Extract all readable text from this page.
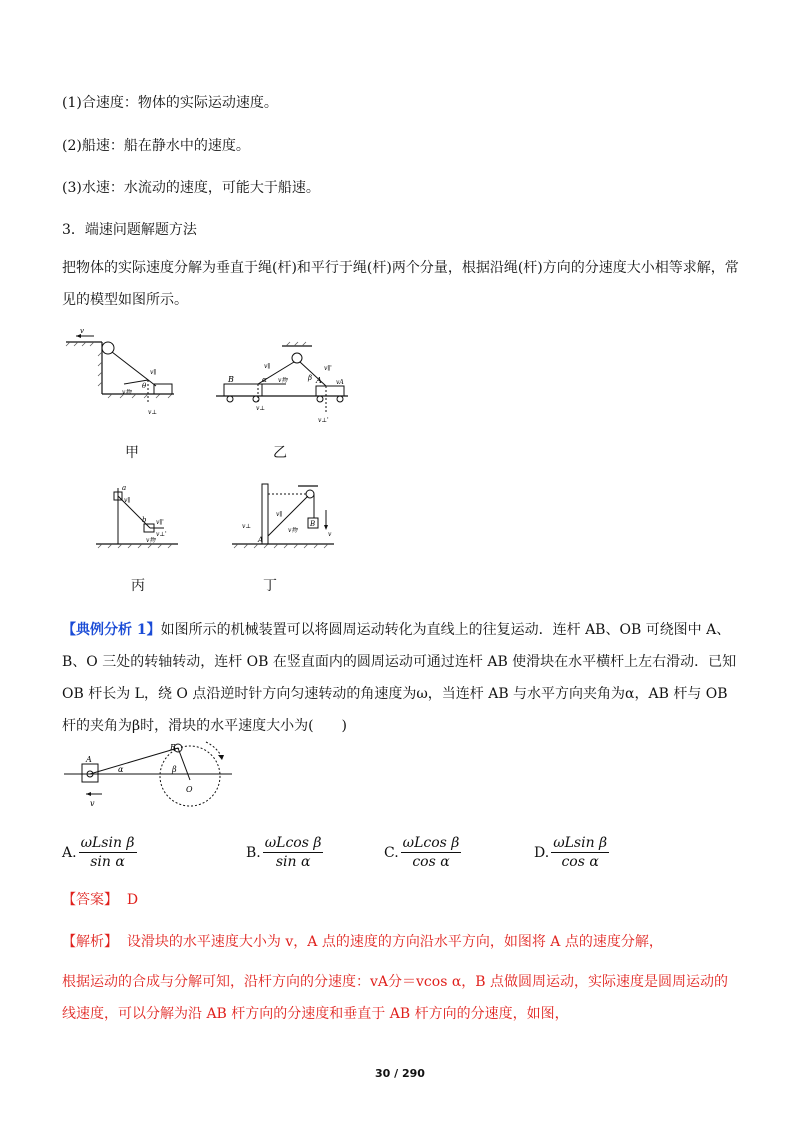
(1)合速度：物体的实际运动速度。
(2)船速：船在静水中的速度。
(3)水速：水流动的速度，可能大于船速。
3．端速问题解题方法
把物体的实际速度分解为垂直于绳(杆)和平行于绳(杆)两个分量，根据沿绳(杆)方向的分速度大小相等求解，常见的模型如图所示。
v
v∥
v⊥
θ
v物
甲
B	A
α	β
v∥
v⊥
v物
v∥'
v⊥'
vA
乙
a
b
v∥
v∥'
v⊥'
v物
丙
B
A
v∥
v⊥
v物
v
丁
【典例分析 1】如图所示的机械装置可以将圆周运动转化为直线上的往复运动．连杆 AB、OB 可绕图中 A、B、O 三处的转轴转动，连杆 OB 在竖直面内的圆周运动可通过连杆 AB 使滑块在水平横杆上左右滑动．已知 OB 杆长为 L，绕 O 点沿逆时针方向匀速转动的角速度为ω，当连杆 AB 与水平方向夹角为α，AB 杆与 OB 杆的夹角为β时，滑块的水平速度大小为(　　)
A
B
O
α	β
v
A. $\frac{\text{ωLsin β}}{\text{sin α}}$	B. $\frac{\text{ωLcos β}}{\text{sin α}}$	C. $\frac{\text{ωLcos β}}{\text{cos α}}$	D. $\frac{\text{ωLsin β}}{\text{cos α}}$
【答案】 D
【解析】 设滑块的水平速度大小为 v，A 点的速度的方向沿水平方向，如图将 A 点的速度分解，
根据运动的合成与分解可知，沿杆方向的分速度：vA分＝vcos α，B 点做圆周运动，实际速度是圆周运动的线速度，可以分解为沿 AB 杆方向的分速度和垂直于 AB 杆方向的分速度，如图，
30 / 290
